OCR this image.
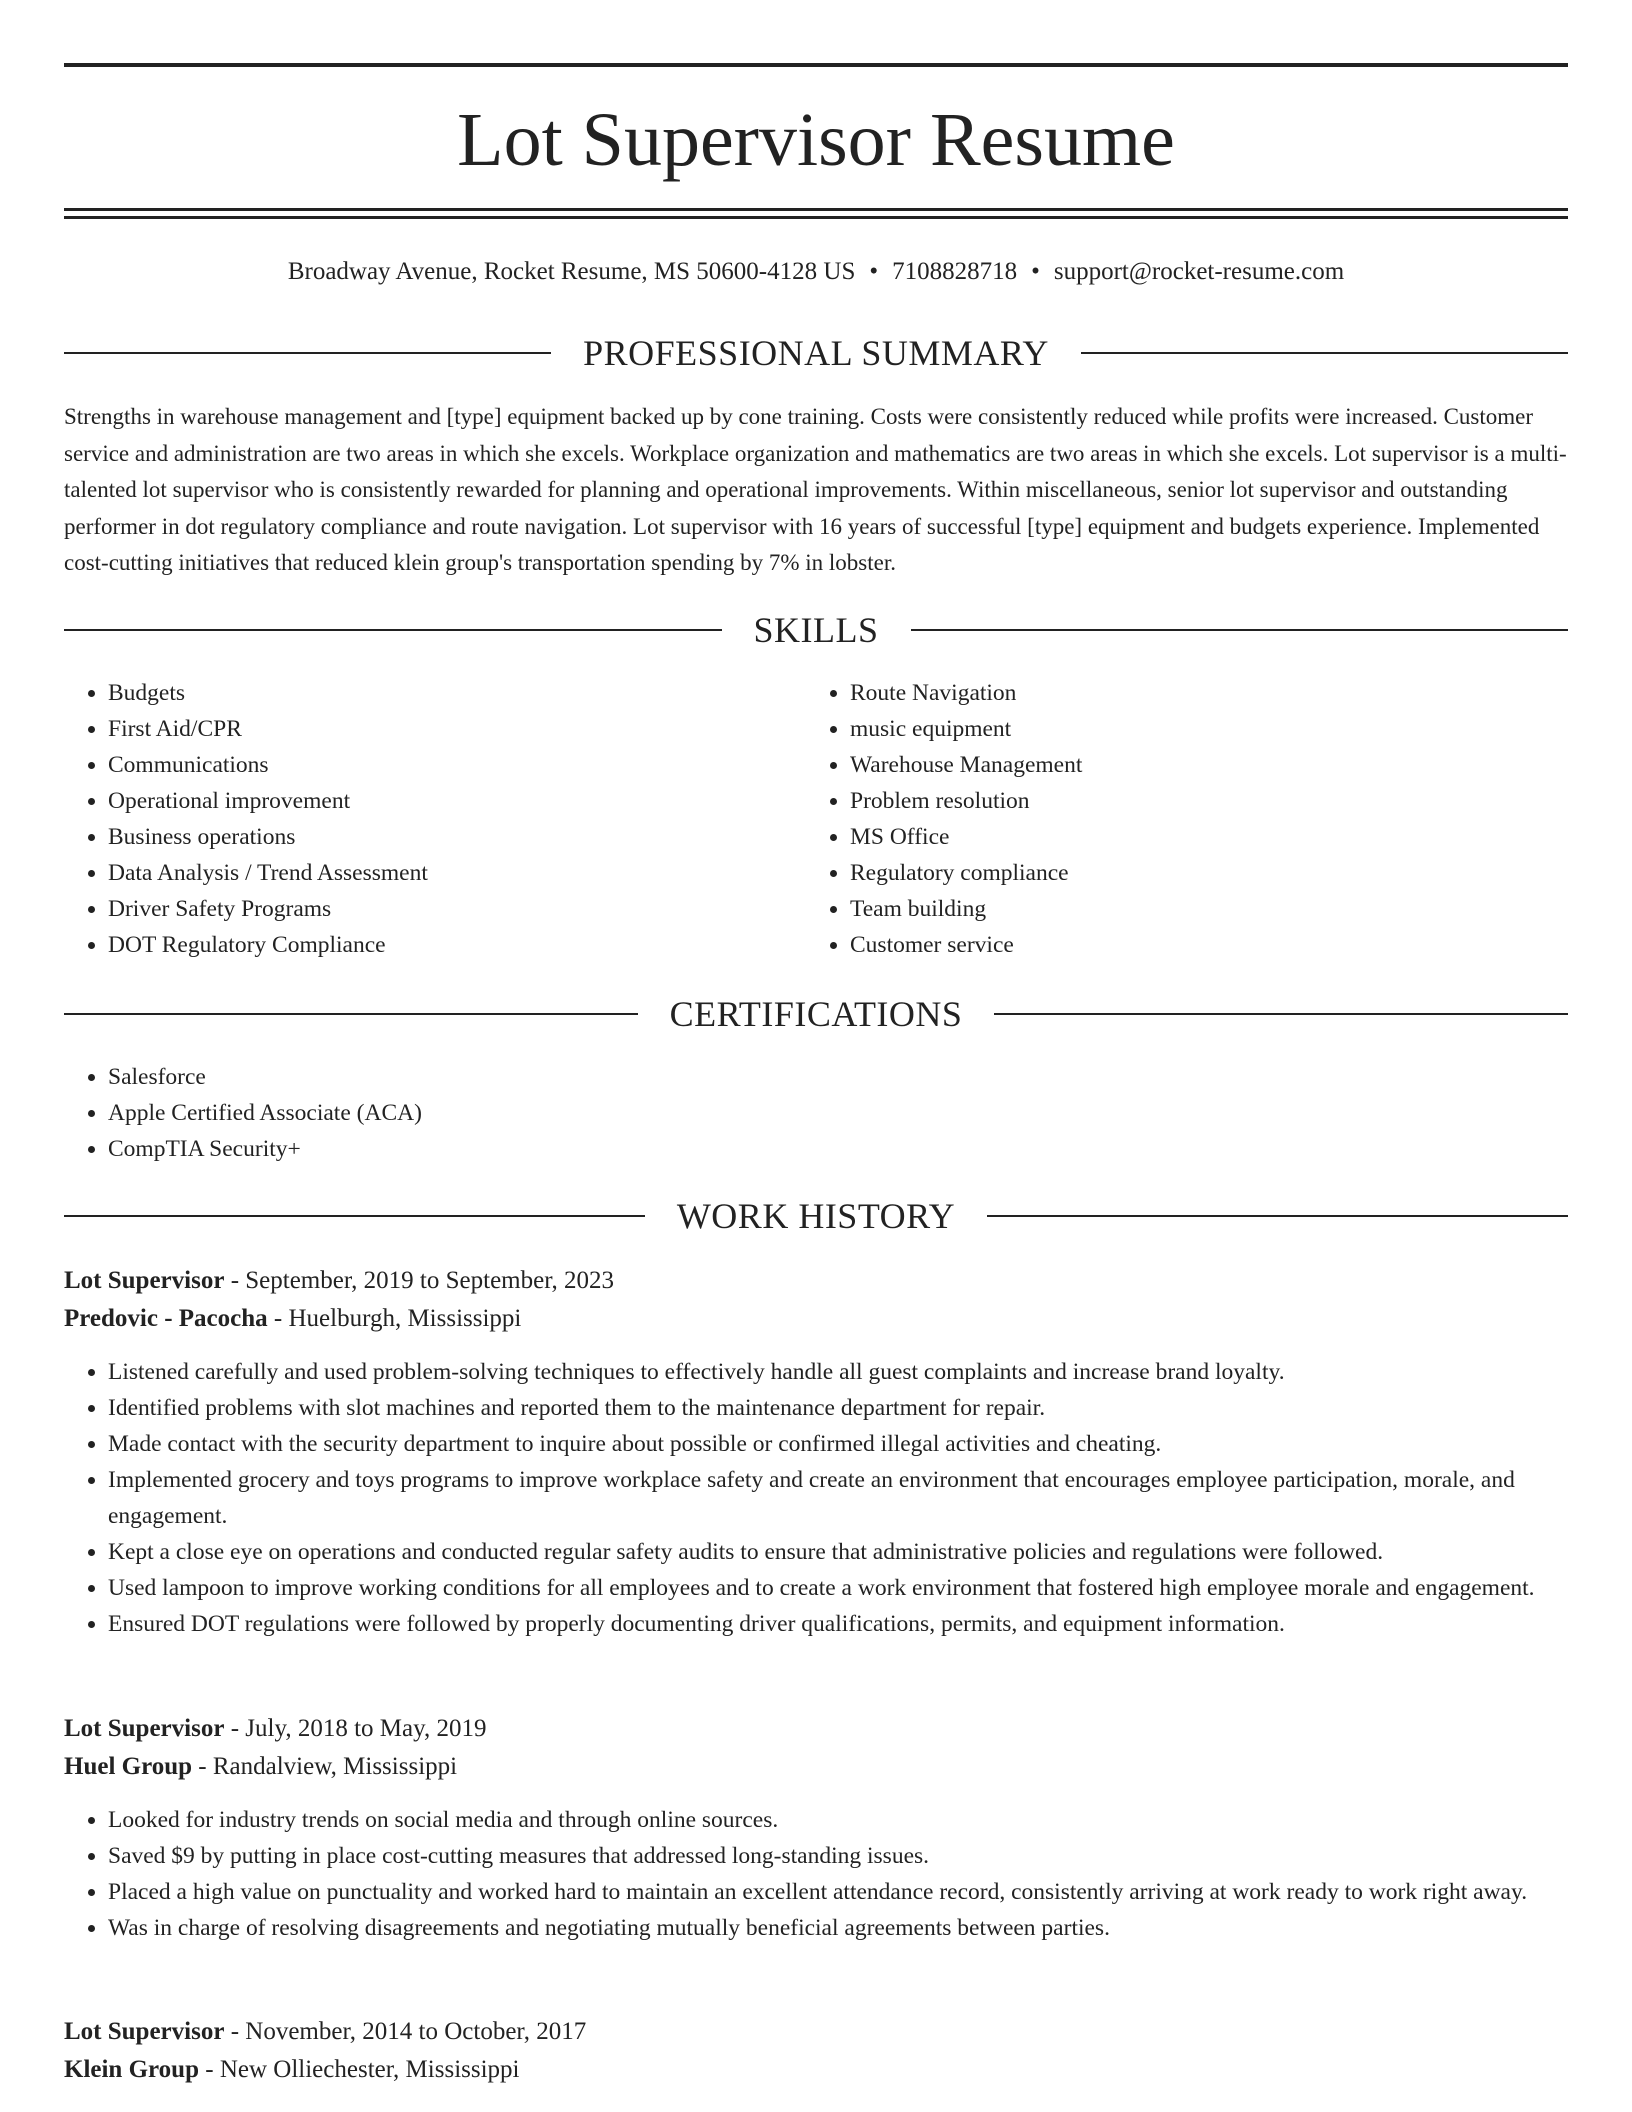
Lot Supervisor Resume
Broadway Avenue, Rocket Resume, MS 50600-4128 US • 7108828718 • support@rocket-resume.com
PROFESSIONAL SUMMARY

Strengths in warehouse management and [type] equipment backed up by cone training. Costs were consistently reduced while profits were increased. Customer service and administration are two areas in which she excels. Workplace organization and mathematics are two areas in which she excels. Lot supervisor is a multi-talented lot supervisor who is consistently rewarded for planning and operational improvements. Within miscellaneous, senior lot supervisor and outstanding performer in dot regulatory compliance and route navigation. Lot supervisor with 16 years of successful [type] equipment and budgets experience. Implemented cost-cutting initiatives that reduced klein group's transportation spending by 7% in lobster.

SKILLS
• Budgets
• First Aid/CPR
• Communications
• Operational improvement
• Business operations
• Data Analysis / Trend Assessment
• Driver Safety Programs
• DOT Regulatory Compliance
• Route Navigation
• music equipment
• Warehouse Management
• Problem resolution
• MS Office
• Regulatory compliance
• Team building
• Customer service
CERTIFICATIONS
• Salesforce
• Apple Certified Associate (ACA)
• CompTIA Security+
WORK HISTORY

Lot Supervisor - September, 2019 to September, 2023

Predovic - Pacocha - Huelburgh, Mississippi

• Listened carefully and used problem-solving techniques to effectively handle all guest complaints and increase brand loyalty.
• Identified problems with slot machines and reported them to the maintenance department for repair.
• Made contact with the security department to inquire about possible or confirmed illegal activities and cheating.
• Implemented grocery and toys programs to improve workplace safety and create an environment that encourages employee participation, morale, and engagement.
• Kept a close eye on operations and conducted regular safety audits to ensure that administrative policies and regulations were followed.
• Used lampoon to improve working conditions for all employees and to create a work environment that fostered high employee morale and engagement.
• Ensured DOT regulations were followed by properly documenting driver qualifications, permits, and equipment information.

Lot Supervisor - July, 2018 to May, 2019

Huel Group - Randalview, Mississippi

• Looked for industry trends on social media and through online sources.
• Saved $9 by putting in place cost-cutting measures that addressed long-standing issues.
• Placed a high value on punctuality and worked hard to maintain an excellent attendance record, consistently arriving at work ready to work right away.
• Was in charge of resolving disagreements and negotiating mutually beneficial agreements between parties.

Lot Supervisor - November, 2014 to October, 2017

Klein Group - New Olliechester, Mississippi
